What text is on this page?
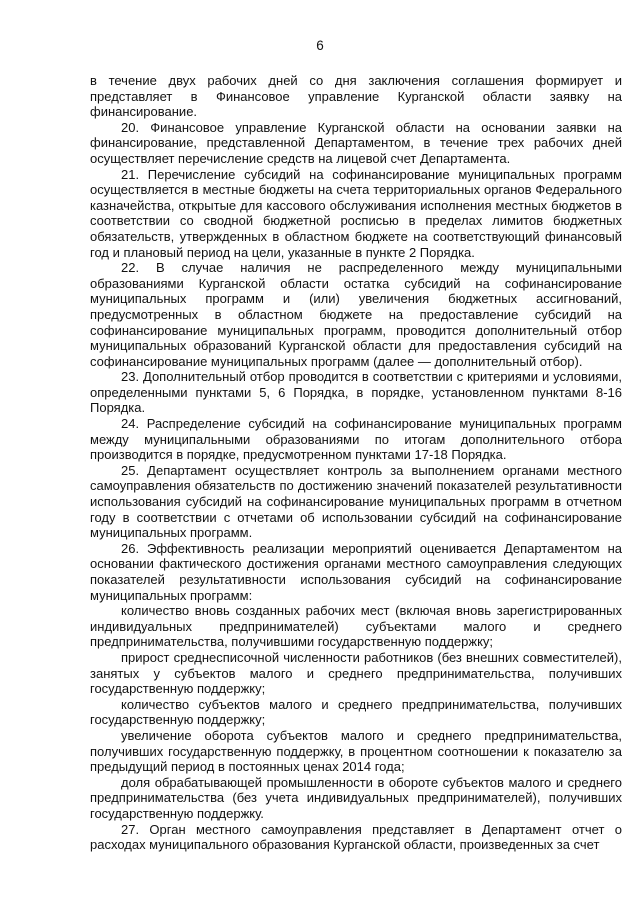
6

в течение двух рабочих дней со дня заключения соглашения формирует и представляет в Финансовое управление Курганской области заявку на финансирование.

20. Финансовое управление Курганской области на основании заявки на финансирование, представленной Департаментом, в течение трех рабочих дней осуществляет перечисление средств на лицевой счет Департамента.

21. Перечисление субсидий на софинансирование муниципальных программ осуществляется в местные бюджеты на счета территориальных органов Федерального казначейства, открытые для кассового обслуживания исполнения местных бюджетов в соответствии со сводной бюджетной росписью в пределах лимитов бюджетных обязательств, утвержденных в областном бюджете на соответствующий финансовый год и плановый период на цели, указанные в пункте 2 Порядка.

22. В случае наличия не распределенного между муниципальными образованиями Курганской области остатка субсидий на софинансирование муниципальных программ и (или) увеличения бюджетных ассигнований, предусмотренных в областном бюджете на предоставление субсидий на софинансирование муниципальных программ, проводится дополнительный отбор муниципальных образований Курганской области для предоставления субсидий на софинансирование муниципальных программ (далее — дополнительный отбор).

23. Дополнительный отбор проводится в соответствии с критериями и условиями, определенными пунктами 5, 6 Порядка, в порядке, установленном пунктами 8-16 Порядка.

24. Распределение субсидий на софинансирование муниципальных программ между муниципальными образованиями по итогам дополнительного отбора производится в порядке, предусмотренном пунктами 17-18 Порядка.

25. Департамент осуществляет контроль за выполнением органами местного самоуправления обязательств по достижению значений показателей результативности использования субсидий на софинансирование муниципальных программ в отчетном году в соответствии с отчетами об использовании субсидий на софинансирование муниципальных программ.

26. Эффективность реализации мероприятий оценивается Департаментом на основании фактического достижения органами местного самоуправления следующих показателей результативности использования субсидий на софинансирование муниципальных программ:

количество вновь созданных рабочих мест (включая вновь зарегистрированных индивидуальных предпринимателей) субъектами малого и среднего предпринимательства, получившими государственную поддержку;

прирост среднесписочной численности работников (без внешних совместителей), занятых у субъектов малого и среднего предпринимательства, получивших государственную поддержку;

количество субъектов малого и среднего предпринимательства, получивших государственную поддержку;

увеличение оборота субъектов малого и среднего предпринимательства, получивших государственную поддержку, в процентном соотношении к показателю за предыдущий период в постоянных ценах 2014 года;

доля обрабатывающей промышленности в обороте субъектов малого и среднего предпринимательства (без учета индивидуальных предпринимателей), получивших государственную поддержку.

27. Орган местного самоуправления представляет в Департамент отчет о расходах муниципального образования Курганской области, произведенных за счет
